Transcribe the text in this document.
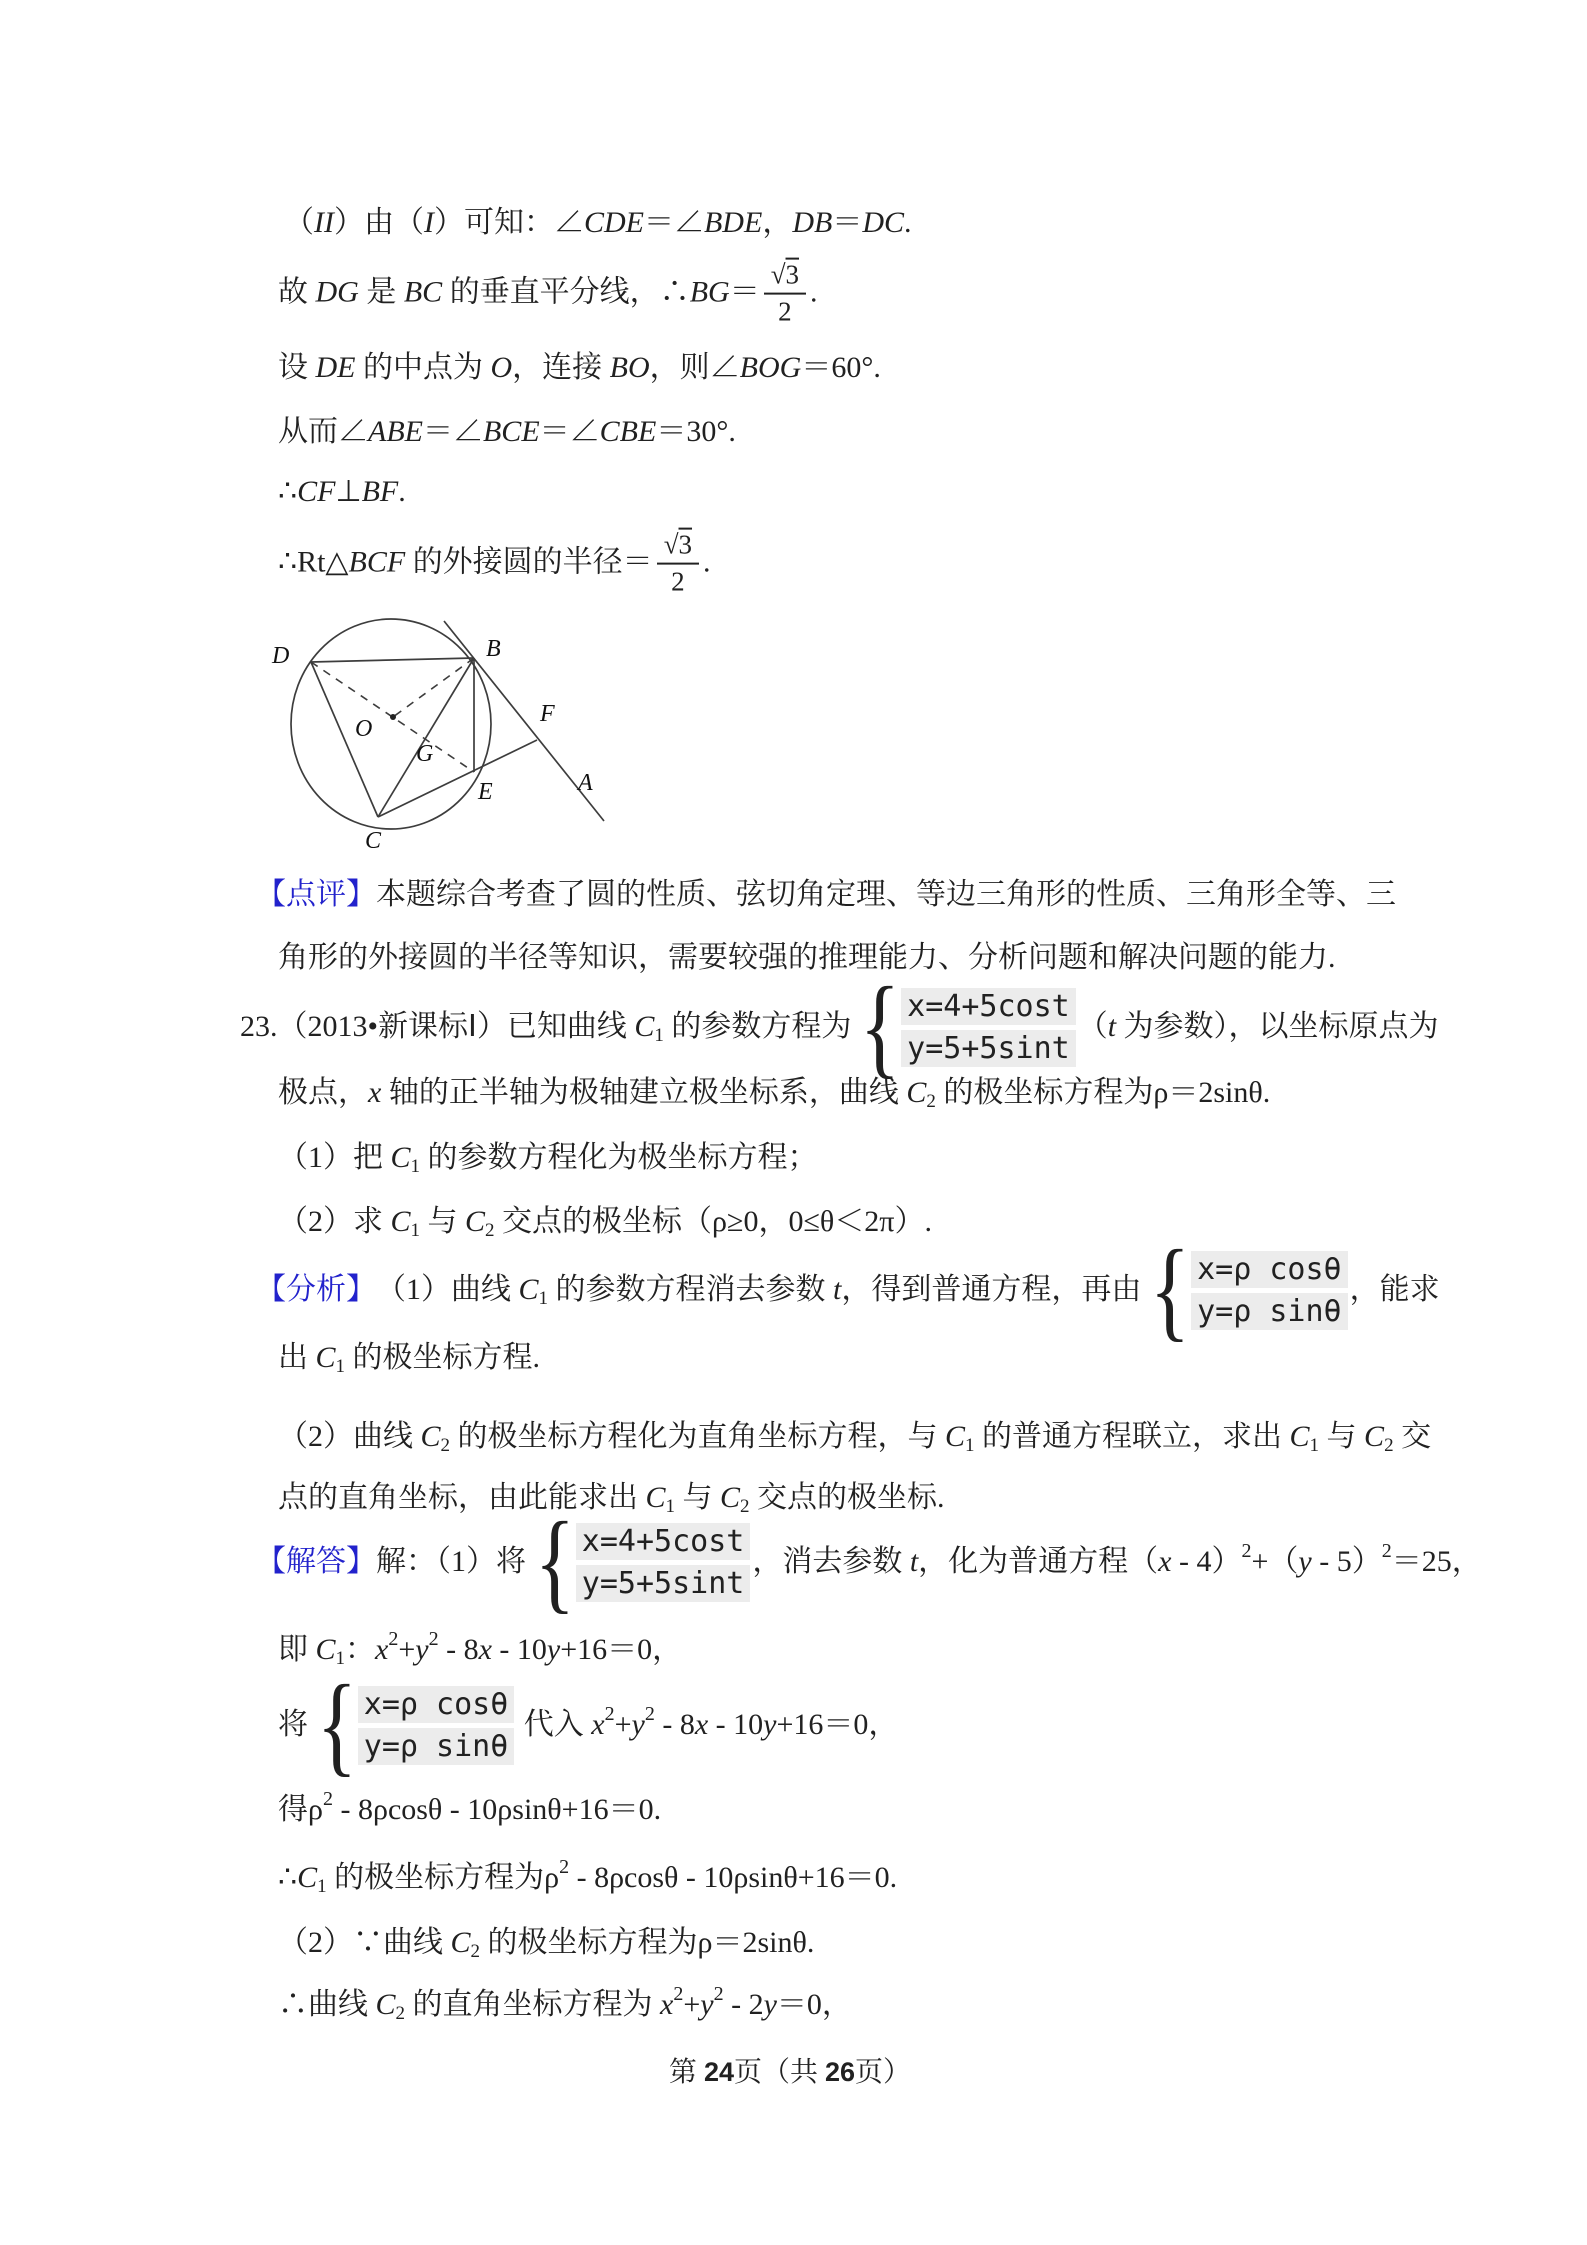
（ II ）由（ I ）可知：∠ CDE ＝∠ BDE ， DB ＝ DC .
故 DG 是 BC 的垂直平分线，∴ BG ＝ $\frac{√3}{2}$ .
设 DE 的中点为 O ，连接 BO ，则∠ BOG ＝60°.
从而∠ ABE ＝∠ BCE ＝∠ CBE ＝30°.
∴ CF ⊥ BF .
∴Rt△ BCF 的外接圆的半径＝ $\frac{√3}{2}$ .
【点评】 本题综合考查了圆的性质、弦切角定理、等边三角形的性质、三角形全等、三
角形的外接圆的半径等知识，需要较强的推理能力、分析问题和解决问题的能力.
23.（2013•新课标Ⅰ）已知曲线 C 1 的参数方程为 { x=4+5cost
y=5+5sint
（ t 为参数），以坐标原点为
极点， x 轴的正半轴为极轴建立极坐标系，曲线 C 2 的极坐标方程为ρ＝2sinθ.
（1）把 C 1 的参数方程化为极坐标方程；
（2）求 C 1 与 C 2 交点的极坐标（ρ≥0，0≤θ＜2π）.
【分析】 （1）曲线 C 1 的参数方程消去参数 t ，得到普通方程，再由 { x=ρ cosθ
y=ρ sinθ
，能求
出 C 1 的极坐标方程.
（2）曲线 C 2 的极坐标方程化为直角坐标方程，与 C 1 的普通方程联立，求出 C 1 与 C 2 交
点的直角坐标，由此能求出 C 1 与 C 2 交点的极坐标.
【解答】 解：（1）将 { x=4+5cost
y=5+5sint
，消去参数 t ，化为普通方程（ x - 4） 2 +（ y - 5） 2 ＝25，
即 C 1 ： x 2 + y 2 - 8 x - 10 y +16＝0，
将 { x=ρ cosθ
y=ρ sinθ
代入 x 2 + y 2 - 8 x - 10 y +16＝0，
得ρ 2 - 8ρcosθ - 10ρsinθ+16＝0.
∴ C 1 的极坐标方程为ρ 2 - 8ρcosθ - 10ρsinθ+16＝0.
（2）∵曲线 C 2 的极坐标方程为ρ＝2sinθ.
∴曲线 C 2 的直角坐标方程为 x 2 + y 2 - 2 y ＝0，
D	B
C
O
G
E
F
A
第 24页（共 26页）
